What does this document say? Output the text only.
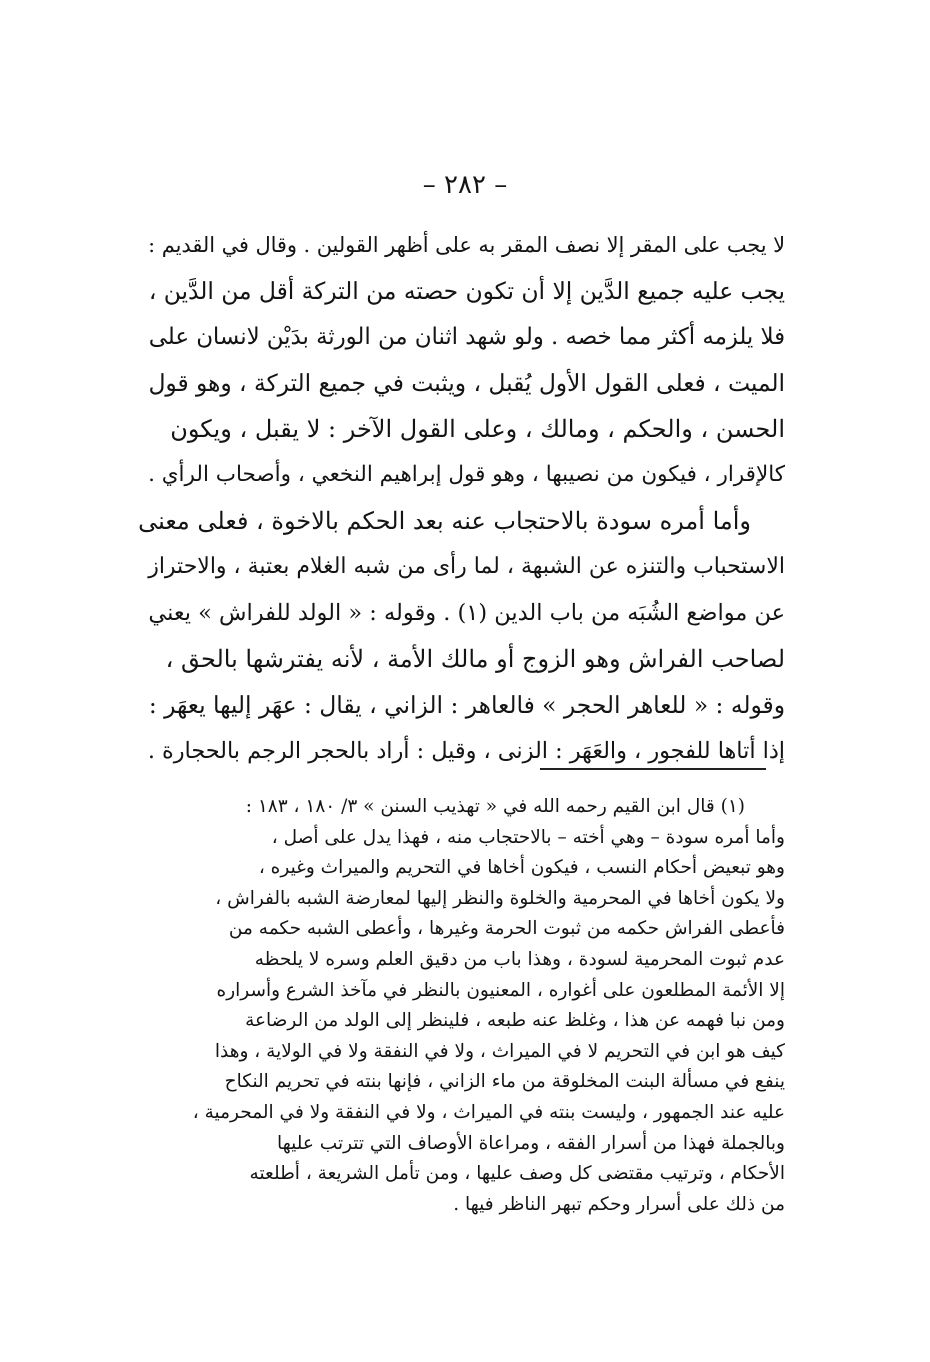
– ٢٨٢ –
لا يجب على المقر إلا نصف المقر به على أظهر القولين . وقال في القديم :
يجب عليه جميع الدَّين إلا أن تكون حصته من التركة أقل من الدَّين ،
فلا يلزمه أكثر مما خصه . ولو شهد اثنان من الورثة بدَيْن لانسان على
الميت ، فعلى القول الأول يُقبل ، ويثبت في جميع التركة ، وهو قول
الحسن ، والحكم ، ومالك ، وعلى القول الآخر : لا يقبل ، ويكون
كالإقرار ، فيكون من نصيبها ، وهو قول إبراهيم النخعي ، وأصحاب الرأي .
وأما أمره سودة بالاحتجاب عنه بعد الحكم بالاخوة ، فعلى معنى
الاستحباب والتنزه عن الشبهة ، لما رأى من شبه الغلام بعتبة ، والاحتراز
عن مواضع الشُبَه من باب الدين (١) . وقوله : « الولد للفراش » يعني
لصاحب الفراش وهو الزوج أو مالك الأمة ، لأنه يفترشها بالحق ،
وقوله : « للعاهر الحجر » فالعاهر : الزاني ، يقال : عهَر إليها يعهَر :
إذا أتاها للفجور ، والعَهَر : الزنى ، وقيل : أراد بالحجر الرجم بالحجارة .
(١) قال ابن القيم رحمه الله في « تهذيب السنن » ٣/ ١٨٠ ، ١٨٣ :
وأما أمره سودة – وهي أخته – بالاحتجاب منه ، فهذا يدل على أصل ،
وهو تبعيض أحكام النسب ، فيكون أخاها في التحريم والميراث وغيره ،
ولا يكون أخاها في المحرمية والخلوة والنظر إليها لمعارضة الشبه بالفراش ،
فأعطى الفراش حكمه من ثبوت الحرمة وغيرها ، وأعطى الشبه حكمه من
عدم ثبوت المحرمية لسودة ، وهذا باب من دقيق العلم وسره لا يلحظه
إلا الأئمة المطلعون على أغواره ، المعنيون بالنظر في مآخذ الشرع وأسراره
ومن نبا فهمه عن هذا ، وغلظ عنه طبعه ، فلينظر إلى الولد من الرضاعة
كيف هو ابن في التحريم لا في الميراث ، ولا في النفقة ولا في الولاية ، وهذا
ينفع في مسألة البنت المخلوقة من ماء الزاني ، فإنها بنته في تحريم النكاح
عليه عند الجمهور ، وليست بنته في الميراث ، ولا في النفقة ولا في المحرمية ،
وبالجملة فهذا من أسرار الفقه ، ومراعاة الأوصاف التي تترتب عليها
الأحكام ، وترتيب مقتضى كل وصف عليها ، ومن تأمل الشريعة ، أطلعته
من ذلك على أسرار وحكم تبهر الناظر فيها .
